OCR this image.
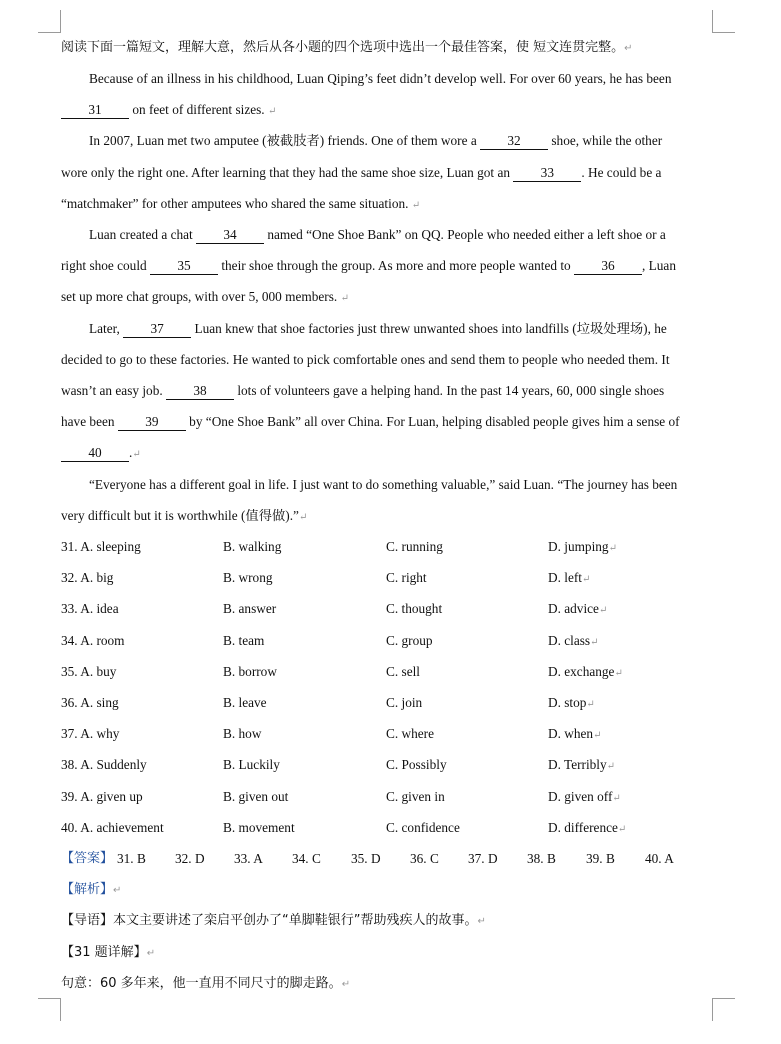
阅读下面一篇短文，理解大意，然后从各小题的四个选项中选出一个最佳答案，使 短文连贯完整。↵
Because of an illness in his childhood, Luan Qiping’s feet didn’t develop well. For over 60 years, he has been
31 on feet of different sizes. ↵
In 2007, Luan met two amputee (被截肢者) friends. One of them wore a 32 shoe, while the other
wore only the right one. After learning that they had the same shoe size, Luan got an 33 . He could be a
“matchmaker” for other amputees who shared the same situation. ↵
Luan created a chat 34 named “One Shoe Bank” on QQ. People who needed either a left shoe or a
right shoe could 35 their shoe through the group. As more and more people wanted to 36 , Luan
set up more chat groups, with over 5, 000 members. ↵
Later, 37 Luan knew that shoe factories just threw unwanted shoes into landfills (垃圾处理场), he
decided to go to these factories. He wanted to pick comfortable ones and send them to people who needed them. It
wasn’t an easy job. 38 lots of volunteers gave a helping hand. In the past 14 years, 60, 000 single shoes
have been 39 by “One Shoe Bank” all over China. For Luan, helping disabled people gives him a sense of
40 .↵
“Everyone has a different goal in life. I just want to do something valuable,” said Luan. “The journey has been
very difficult but it is worthwhile (值得做).”↵
31. A. sleeping	B. walking	C. running	D. jumping↵
32. A. big	B. wrong	C. right	D. left↵
33. A. idea	B. answer	C. thought	D. advice↵
34. A. room	B. team	C. group	D. class↵
35. A. buy	B. borrow	C. sell	D. exchange↵
36. A. sing	B. leave	C. join	D. stop↵
37. A. why	B. how	C. where	D. when↵
38. A. Suddenly	B. Luckily	C. Possibly	D. Terribly↵
39. A. given up	B. given out	C. given in	D. given off↵
40. A. achievement	B. movement	C. confidence	D. difference↵
【答案】 31. B 32. D 33. A 34. C 35. D 36. C 37. D 38. B 39. B 40. A
【解析】↵
【导语】本文主要讲述了栾启平创办了“单脚鞋银行”帮助残疾人的故事。↵
【31 题详解】↵
句意：60 多年来，他一直用不同尺寸的脚走路。↵
